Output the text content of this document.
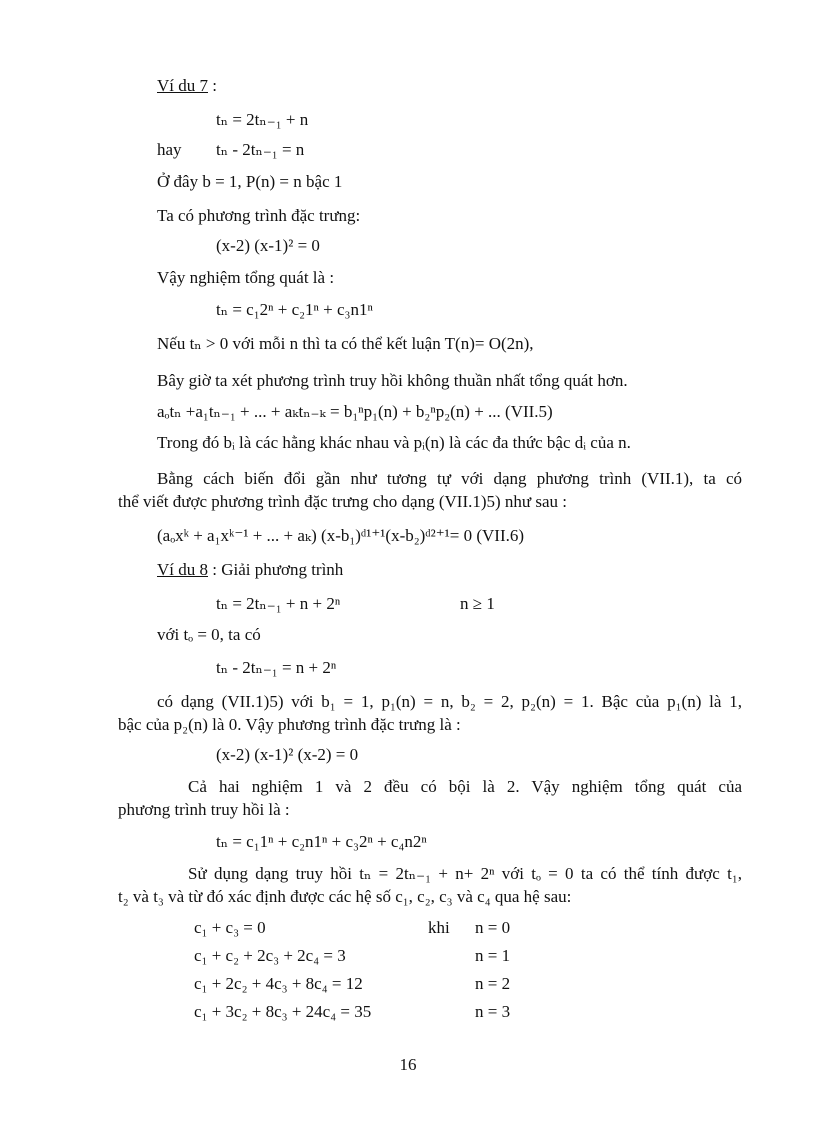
Ví du 7 :
tₙ = 2tₙ₋₁ + n
hay tₙ - 2tₙ₋₁ = n
Ở đây b = 1, P(n) = n bậc 1
Ta có phương trình đặc trưng:
(x-2) (x-1)² = 0
Vậy nghiệm tổng quát là :
tₙ = c₁2ⁿ + c₂1ⁿ + c₃n1ⁿ
Nếu tₙ > 0 với mỗi n thì ta có thể kết luận T(n)= O(2n),
Bây giờ ta xét phương trình truy hồi không thuần nhất tổng quát hơn.
aₒtₙ +a₁tₙ₋₁ + ... + aₖtₙ₋ₖ = b₁ⁿp₁(n) + b₂ⁿp₂(n) + ... (VII.5)
Trong đó bᵢ là các hằng khác nhau và pᵢ(n) là các đa thức bậc dᵢ của n.
Bằng cách biến đổi gần như tương tự với dạng phương trình (VII.1), ta có
thể viết được phương trình đặc trưng cho dạng (VII.1)5) như sau :
(aₒxᵏ + a₁xᵏ⁻¹ + ... + aₖ) (x-b₁)ᵈ¹⁺¹(x-b₂)ᵈ²⁺¹= 0 (VII.6)
Ví du 8 : Giải phương trình
tₙ = 2tₙ₋₁ + n + 2ⁿ	n ≥ 1
với tₒ = 0, ta có
tₙ - 2tₙ₋₁ = n + 2ⁿ
có dạng (VII.1)5) với b₁ = 1, p₁(n) = n, b₂ = 2, p₂(n) = 1. Bậc của p₁(n) là 1,
bậc của p₂(n) là 0. Vậy phương trình đặc trưng là :
(x-2) (x-1)² (x-2) = 0
Cả hai nghiệm 1 và 2 đều có bội là 2. Vậy nghiệm tổng quát của
phương trình truy hồi là :
tₙ = c₁1ⁿ + c₂n1ⁿ + c₃2ⁿ + c₄n2ⁿ
Sử dụng dạng truy hồi tₙ = 2tₙ₋₁ + n+ 2ⁿ với tₒ = 0 ta có thể tính được t₁,
t₂ và t₃ và từ đó xác định được các hệ số c₁, c₂, c₃ và c₄ qua hệ sau:
c₁ + c₃ = 0	khi n = 0
c₁ + c₂ + 2c₃ + 2c₄ = 3	n = 1
c₁ + 2c₂ + 4c₃ + 8c₄ = 12	n = 2
c₁ + 3c₂ + 8c₃ + 24c₄ = 35	n = 3
16
